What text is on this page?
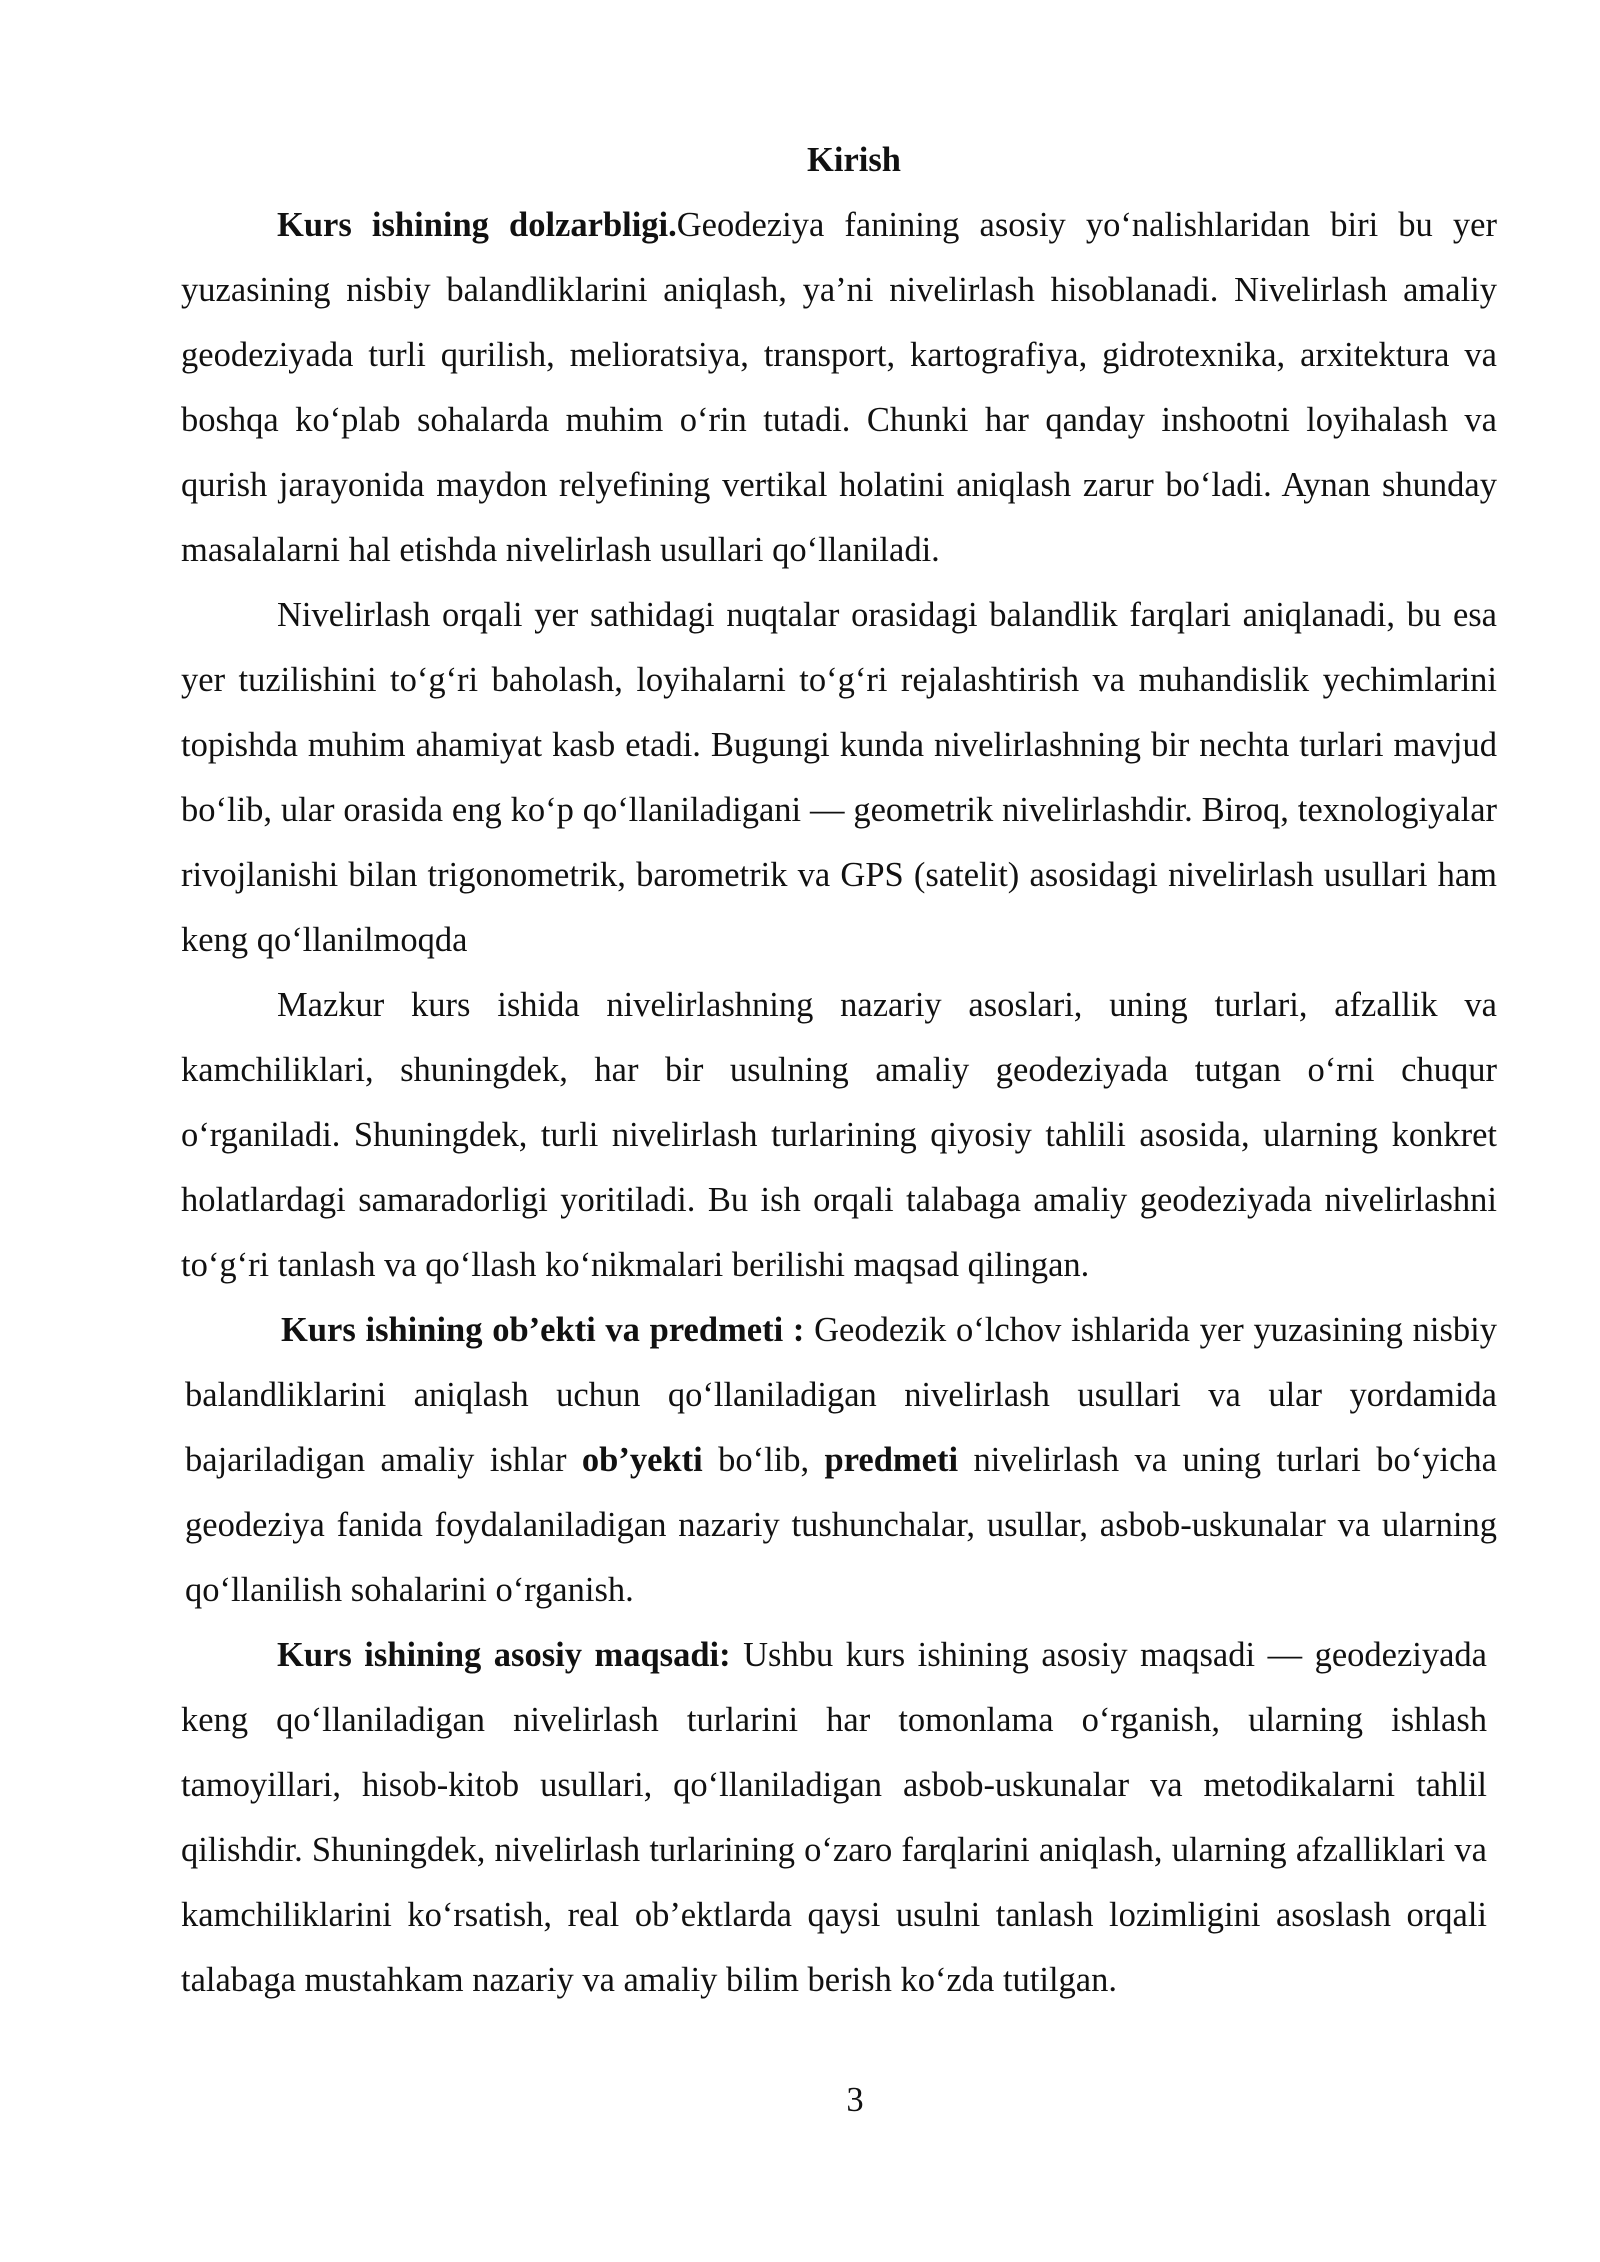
Kirish

Kurs ishining dolzarbligi.Geodeziya fanining asosiy yo‘nalishlaridan biri bu yer yuzasining nisbiy balandliklarini aniqlash, ya’ni nivelirlash hisoblanadi. Nivelirlash amaliy geodeziyada turli qurilish, melioratsiya, transport, kartografiya, gidrotexnika, arxitektura va boshqa ko‘plab sohalarda muhim o‘rin tutadi. Chunki har qanday inshootni loyihalash va qurish jarayonida maydon relyefining vertikal holatini aniqlash zarur bo‘ladi. Aynan shunday masalalarni hal etishda nivelirlash usullari qo‘llaniladi.

Nivelirlash orqali yer sathidagi nuqtalar orasidagi balandlik farqlari aniqlanadi, bu esa yer tuzilishini to‘g‘ri baholash, loyihalarni to‘g‘ri rejalashtirish va muhandislik yechimlarini topishda muhim ahamiyat kasb etadi. Bugungi kunda nivelirlashning bir nechta turlari mavjud bo‘lib, ular orasida eng ko‘p qo‘llaniladigani — geometrik nivelirlashdir. Biroq, texnologiyalar rivojlanishi bilan trigonometrik, barometrik va GPS (satelit) asosidagi nivelirlash usullari ham keng qo‘llanilmoqda

Mazkur kurs ishida nivelirlashning nazariy asoslari, uning turlari, afzallik va kamchiliklari, shuningdek, har bir usulning amaliy geodeziyada tutgan o‘rni chuqur o‘rganiladi. Shuningdek, turli nivelirlash turlarining qiyosiy tahlili asosida, ularning konkret holatlardagi samaradorligi yoritiladi. Bu ish orqali talabaga amaliy geodeziyada nivelirlashni to‘g‘ri tanlash va qo‘llash ko‘nikmalari berilishi maqsad qilingan.

Kurs ishining ob’ekti va predmeti : Geodezik o‘lchov ishlarida yer yuzasining nisbiy balandliklarini aniqlash uchun qo‘llaniladigan nivelirlash usullari va ular yordamida bajariladigan amaliy ishlar ob’yekti bo‘lib, predmeti nivelirlash va uning turlari bo‘yicha geodeziya fanida foydalaniladigan nazariy tushunchalar, usullar, asbob-uskunalar va ularning qo‘llanilish sohalarini o‘rganish.

Kurs ishining asosiy maqsadi: Ushbu kurs ishining asosiy maqsadi — geodeziyada keng qo‘llaniladigan nivelirlash turlarini har tomonlama o‘rganish, ularning ishlash tamoyillari, hisob-kitob usullari, qo‘llaniladigan asbob-uskunalar va metodikalarni tahlil qilishdir. Shuningdek, nivelirlash turlarining o‘zaro farqlarini aniqlash, ularning afzalliklari va kamchiliklarini ko‘rsatish, real ob’ektlarda qaysi usulni tanlash lozimligini asoslash orqali talabaga mustahkam nazariy va amaliy bilim berish ko‘zda tutilgan.

3
